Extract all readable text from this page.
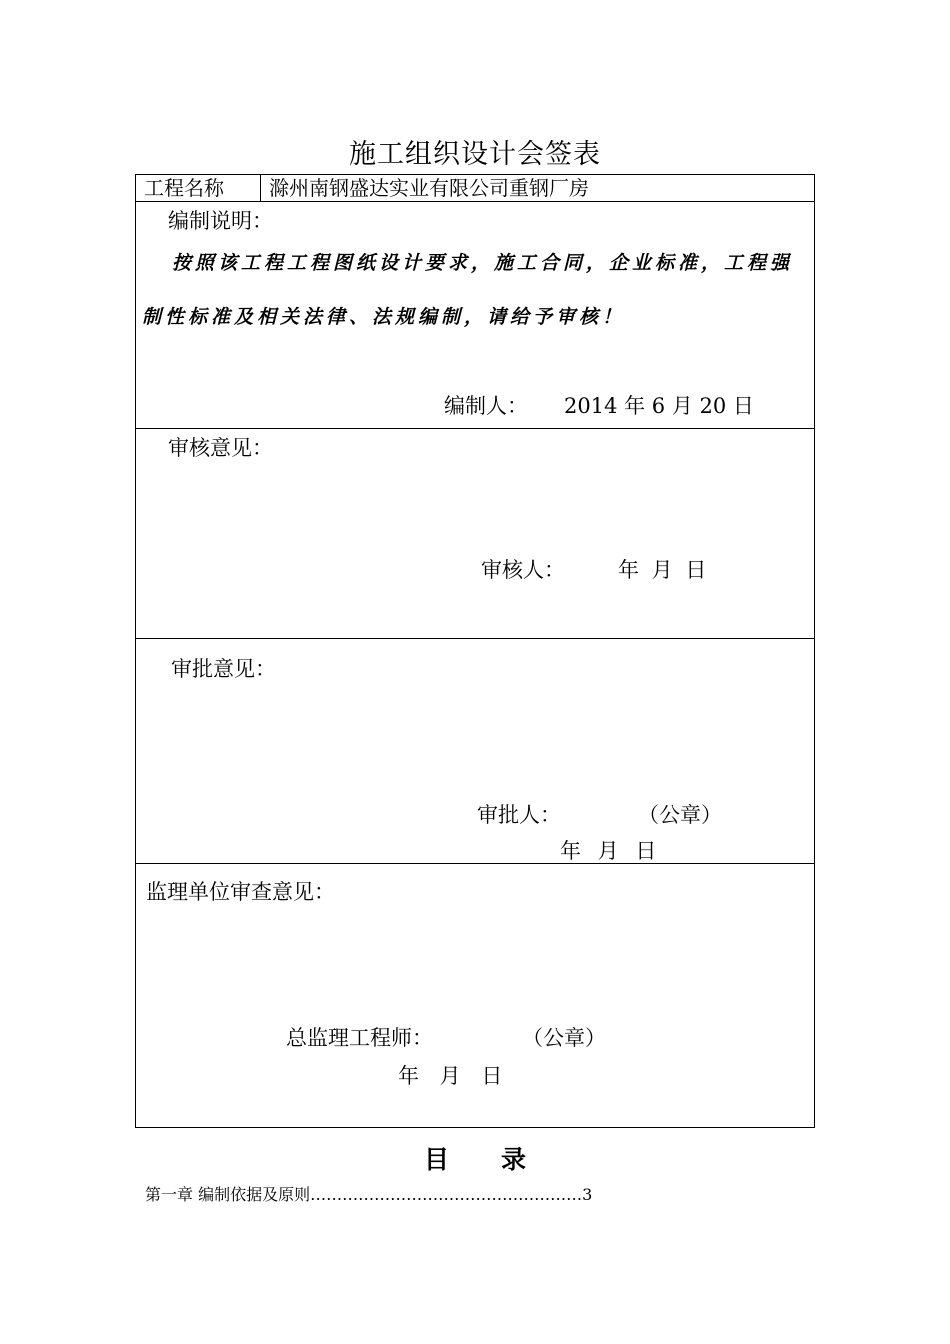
施工组织设计会签表
工程名称	滁州南钢盛达实业有限公司重钢厂房
编制说明：
按照该工程工程图纸设计要求，施工合同，企业标准，工程强制性标准及相关法律、法规编制，请给予审核！
编制人： 2014 年 6 月 20 日
审核意见：
审核人：	年 月 日
审批意见：
审批人：	（公章）
年 月 日
监理单位审查意见：
总监理工程师：	（公章）
年 月 日
目 录
第一章 编制依据及原则……………………………………………3
